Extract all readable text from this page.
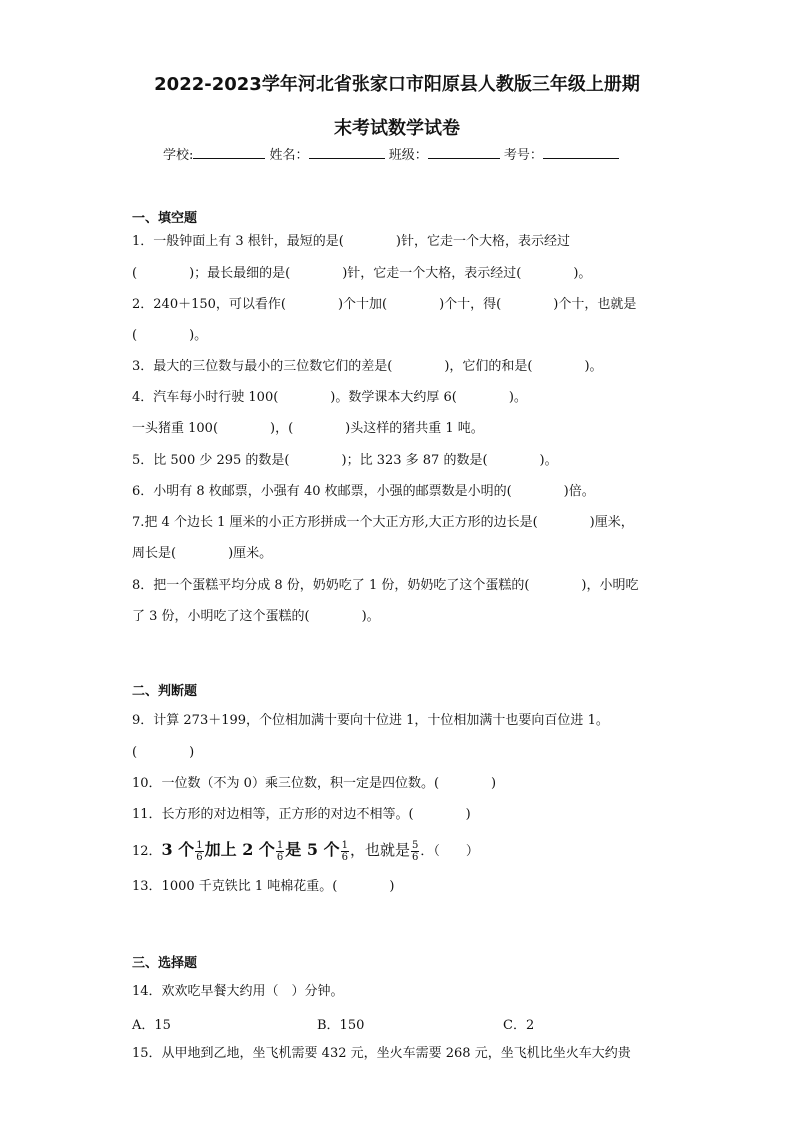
2022-2023学年河北省张家口市阳原县人教版三年级上册期
末考试数学试卷
学校:	姓名：	班级：	考号：
一、填空题
1．一般钟面上有 3 根针，最短的是(　　　　)针，它走一个大格，表示经过
(　　　　)；最长最细的是(　　　　)针，它走一个大格，表示经过(　　　　)。
2．240＋150，可以看作(　　　　)个十加(　　　　)个十，得(　　　　)个十，也就是
(　　　　)。
3．最大的三位数与最小的三位数它们的差是(　　　　)，它们的和是(　　　　)。
4．汽车每小时行驶 100(　　　　)。数学课本大约厚 6(　　　　)。
一头猪重 100(　　　　)，(　　　　)头这样的猪共重 1 吨。
5．比 500 少 295 的数是(　　　　)；比 323 多 87 的数是(　　　　)。
6．小明有 8 枚邮票，小强有 40 枚邮票，小强的邮票数是小明的(　　　　)倍。
7.把 4 个边长 1 厘米的小正方形拼成一个大正方形,大正方形的边长是(　　　　)厘米，
周长是(　　　　)厘米。
8．把一个蛋糕平均分成 8 份，奶奶吃了 1 份，奶奶吃了这个蛋糕的(　　　　)，小明吃
了 3 份，小明吃了这个蛋糕的(　　　　)。
二、判断题
9．计算 273＋199，个位相加满十要向十位进 1，十位相加满十也要向百位进 1。
(　　　　)
10．一位数（不为 0）乘三位数，积一定是四位数。(　　　　)
11．长方形的对边相等，正方形的对边不相等。(　　　　)
12．3 个 $\frac{1}{6}$ 加上 2 个 $\frac{1}{6}$ 是 5 个 $\frac{1}{6}$ ，也就是 $\frac{5}{6}$ ．（　　）
13．1000 千克铁比 1 吨棉花重。(　　　　)
三、选择题
14．欢欢吃早餐大约用（　）分钟。
A．15	B．150	C．2
15．从甲地到乙地，坐飞机需要 432 元，坐火车需要 268 元，坐飞机比坐火车大约贵
